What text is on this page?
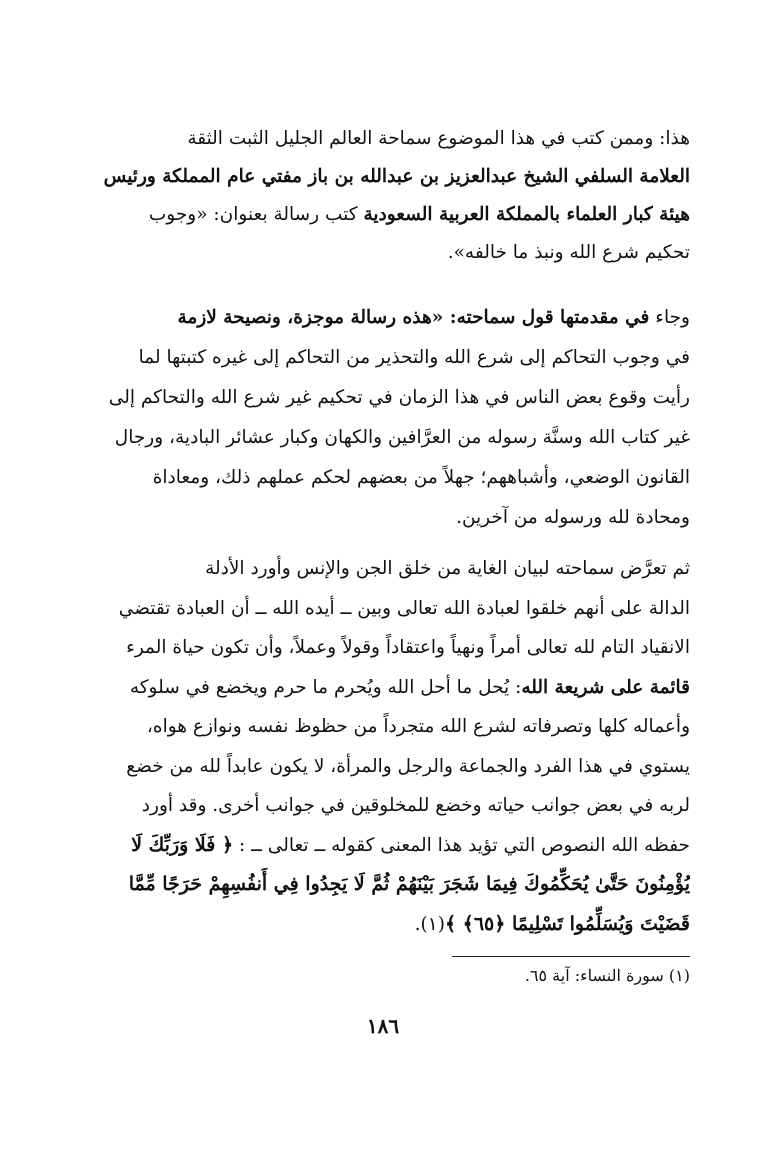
هذا: وممن كتب في هذا الموضوع سماحة العالم الجليل الثبت الثقة
العلامة السلفي الشيخ عبدالعزيز بن عبدالله بن باز مفتي عام المملكة ورئيس
هيئة كبار العلماء بالمملكة العربية السعودية كتب رسالة بعنوان: «وجوب
تحكيم شرع الله ونبذ ما خالفه».
وجاء في مقدمتها قول سماحته: «هذه رسالة موجزة، ونصيحة لازمة
في وجوب التحاكم إلى شرع الله والتحذير من التحاكم إلى غيره كتبتها لما
رأيت وقوع بعض الناس في هذا الزمان في تحكيم غير شرع الله والتحاكم إلى
غير كتاب الله وسنَّة رسوله من العرَّافين والكهان وكبار عشائر البادية، ورجال
القانون الوضعي، وأشباههم؛ جهلاً من بعضهم لحكم عملهم ذلك، ومعاداة
ومحادة لله ورسوله من آخرين.
ثم تعرَّض سماحته لبيان الغاية من خلق الجن والإنس وأورد الأدلة
الدالة على أنهم خلقوا لعبادة الله تعالى وبين ــ أيده الله ــ أن العبادة تقتضي
الانقياد التام لله تعالى أمراً ونهياً واعتقاداً وقولاً وعملاً، وأن تكون حياة المرء
قائمة على شريعة الله: يُحل ما أحل الله ويُحرم ما حرم ويخضع في سلوكه
وأعماله كلها وتصرفاته لشرع الله متجرداً من حظوظ نفسه ونوازع هواه،
يستوي في هذا الفرد والجماعة والرجل والمرأة، لا يكون عابداً لله من خضع
لربه في بعض جوانب حياته وخضع للمخلوقين في جوانب أخرى. وقد أورد
حفظه الله النصوص التي تؤيد هذا المعنى كقوله ــ تعالى ــ : ﴿ فَلَا وَرَبِّكَ لَا
يُؤْمِنُونَ حَتَّىٰ يُحَكِّمُوكَ فِيمَا شَجَرَ بَيْنَهُمْ ثُمَّ لَا يَجِدُوا فِي أَنفُسِهِمْ حَرَجًا مِّمَّا
قَضَيْتَ وَيُسَلِّمُوا تَسْلِيمًا ﴿٦٥﴾ ﴾(١).
(١) سورة النساء: آية ٦٥.
١٨٦
